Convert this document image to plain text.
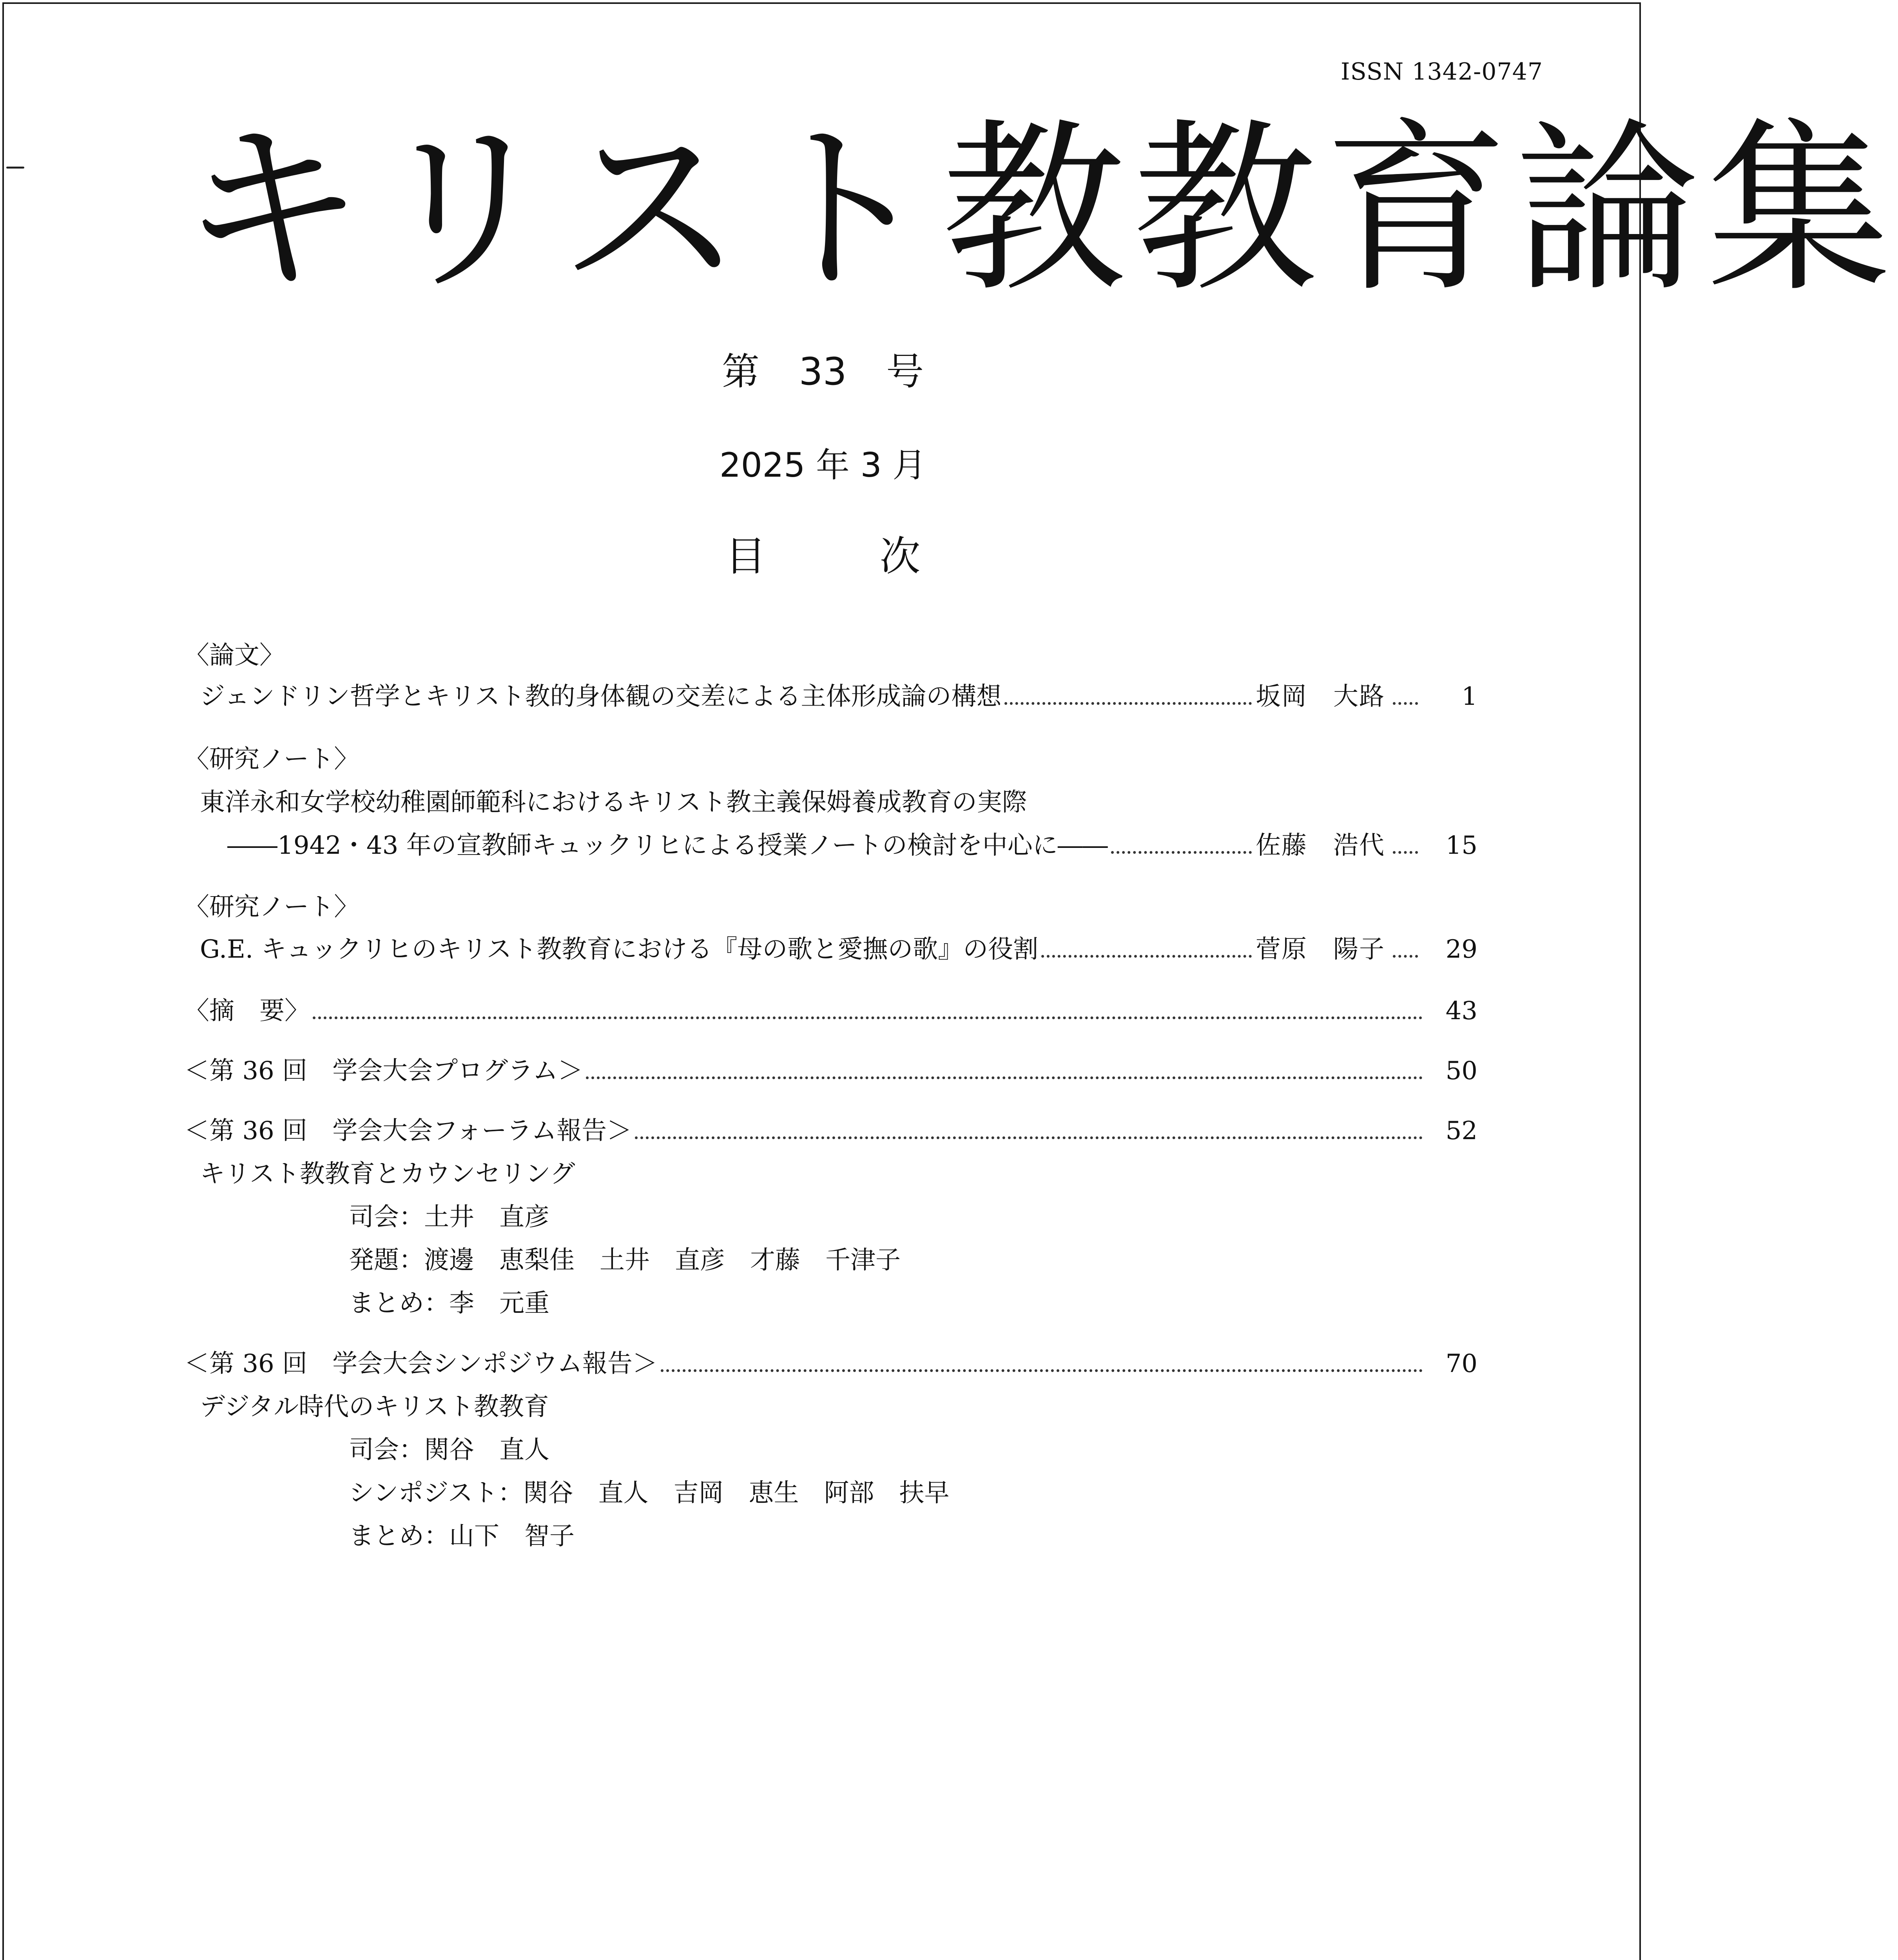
ISSN 1342-0747
キリスト教教育論集
第 33 号
2025 年 3 月
目次
〈論文〉
ジェンドリン哲学とキリスト教的身体観の交差による主体形成論の構想	坂岡　大路	1
〈研究ノート〉
東洋永和女学校幼稚園師範科におけるキリスト教主義保姆養成教育の実際
――1942・43 年の宣教師キュックリヒによる授業ノートの検討を中心に――	佐藤　浩代	15
〈研究ノート〉
G.E. キュックリヒのキリスト教教育における『母の歌と愛撫の歌』の役割	菅原　陽子	29
〈摘　要〉	43
＜第 36 回　学会大会プログラム＞	50
＜第 36 回　学会大会フォーラム報告＞	52
キリスト教教育とカウンセリング
司会：土井　直彦
発題：渡邊　恵梨佳　土井　直彦　才藤　千津子
まとめ：李　元重
＜第 36 回　学会大会シンポジウム報告＞	70
デジタル時代のキリスト教教育
司会：関谷　直人
シンポジスト：関谷　直人　吉岡　恵生　阿部　扶早
まとめ：山下　智子
